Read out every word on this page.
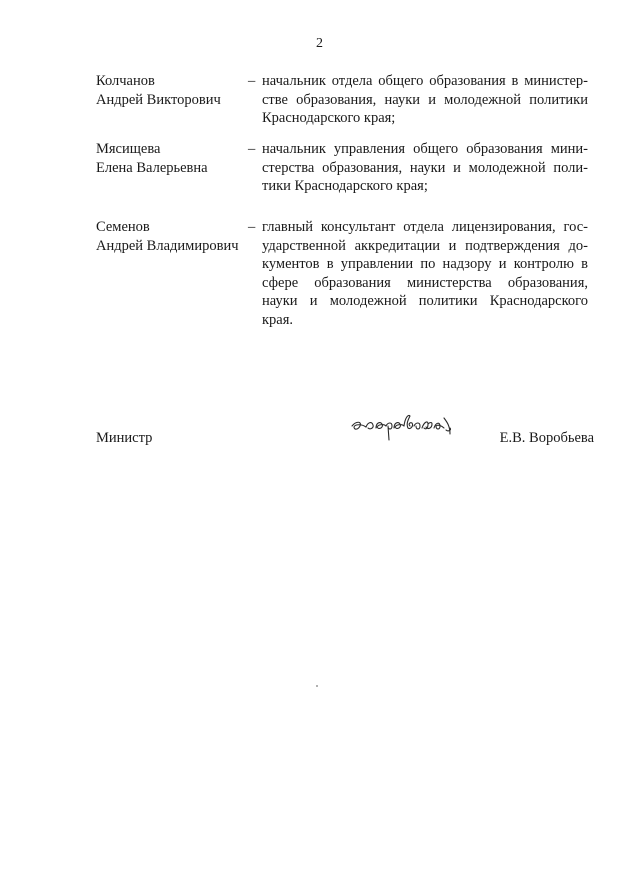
2
Колчанов
Андрей Викторович
– начальник отдела общего образования в министерстве образования, науки и молодежной политики Краснодарского края;
Мясищева
Елена Валерьевна
– начальник управления общего образования министерства образования, науки и молодежной политики Краснодарского края;
Семенов
Андрей Владимирович
– главный консультант отдела лицензирования, государственной аккредитации и подтверждения документов в управлении по надзору и контролю в сфере образования министерства образования, науки и молодежной политики Краснодарского края.
Министр	Е.В. Воробьева
